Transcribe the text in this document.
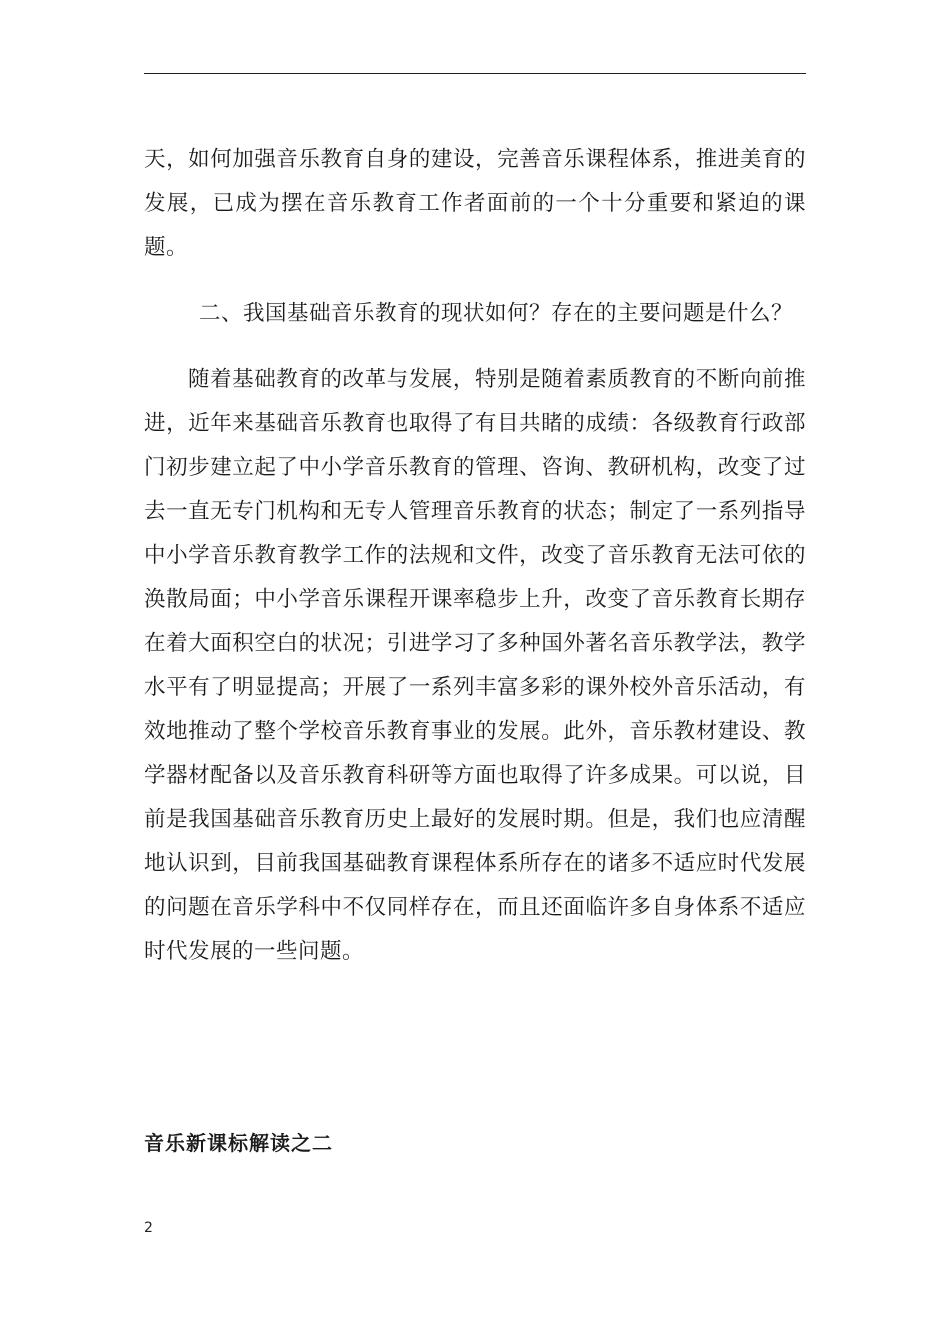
天，如何加强音乐教育自身的建设，完善音乐课程体系，推进美育的发展，已成为摆在音乐教育工作者面前的一个十分重要和紧迫的课题。

二、我国基础音乐教育的现状如何？存在的主要问题是什么？

随着基础教育的改革与发展，特别是随着素质教育的不断向前推进，近年来基础音乐教育也取得了有目共睹的成绩：各级教育行政部门初步建立起了中小学音乐教育的管理、咨询、教研机构，改变了过去一直无专门机构和无专人管理音乐教育的状态；制定了一系列指导中小学音乐教育教学工作的法规和文件，改变了音乐教育无法可依的涣散局面；中小学音乐课程开课率稳步上升，改变了音乐教育长期存在着大面积空白的状况；引进学习了多种国外著名音乐教学法，教学水平有了明显提高；开展了一系列丰富多彩的课外校外音乐活动，有效地推动了整个学校音乐教育事业的发展。此外，音乐教材建设、教学器材配备以及音乐教育科研等方面也取得了许多成果。可以说，目前是我国基础音乐教育历史上最好的发展时期。但是，我们也应清醒地认识到，目前我国基础教育课程体系所存在的诸多不适应时代发展的问题在音乐学科中不仅同样存在，而且还面临许多自身体系不适应时代发展的一些问题。

音乐新课标解读之二
2
